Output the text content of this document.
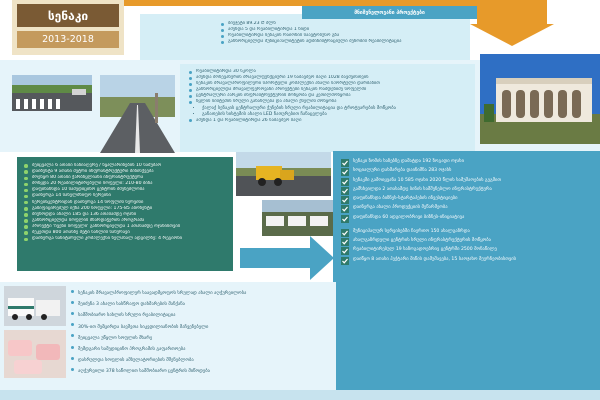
სენაკი
2013-2018
ბიუჯეტი 89.23 ₾ მლნ
აშენდა 5 და რეაბილიტირდა 1 ხიდი
რეაბილიტირდა სენაკის რაიონის საავტობუსო გზა
განხორციელდა მუნიციპალიტეტის ადმინისტრაციული შენობის რეაბილიტაცია
მნიშვნელოვანი პროექტები
რეაბილიტირდა 30 სკოლა
აშენდა მოხევანურის მრავალფუნქციური 19 საბავშვო ბაღი 1028 ბავშვისთვის
სენაკის მრავალპროფილური სპორტული კომპლექსი ახალი სპორტული დარბაზით
განხორციელდა მრავალფეროვანი პროექტები სენაკის რამდენიმე სოფელში
ცენტრალური პარკის ინფრასტრუქტურის მოწყობა და კეთილმოწყობა
წყლის სისტემის სრული განახლება და ახალი ქსელის მოწყობა
• ქალაქ სენაკის ცენტრალური ქუჩების სრული რეაბილიტაცია და ტროტუარების მოწყობა
• განათების სისტემის ახალი LED ნათურებით ჩანაცვლება
აშენდა 1 და რეაბილიტირდა 26 საბავშვო ბაღი
შეიცვალა 6 ათასი სანიაღვრე / წყალარინების 10 სამუშაო
დაიზუსტა 9 ათასი მეტრი ინფრასტრუქტური მიწისქვეშა
მოეწყო 80 ათასი ჭარბწყლიანი ინფრასტრუქტურა
მოწყდა 20 რეაბილიტირებული სოფელი: 210-80 ბინა
დაფინანსდა 10 სამედიცინო ცენტრის მშენებლობა
დაინერგა 14 სახელმწიფო სერვისი
სერვისცენტრიდან დაინერგა 14 სოფლის სერვისი
გაზიფიცირებულ იქნა 200 სოფელი: 175-85 აბონენტი
მიუწოდდა ახალი 185 და 136 ათასამდე ოჯახი
განხორციელდა სოფლის მხარდაჭერის პროგრამა
პროექტი 'ჩვენი სოფელი' განხორციელდა 1 ათასამდე ოჯახისთვის
შეკეთდა 800 ათასზე მეტი სახლის სახურავი
დაინერგა სანიტარული კომპლექსი ხელახალ ადგილზე: 4 რეგიონი
სენაკი ზომის ხაზებზე დამატდა 192 ზოგადი ოჯახი
სოციალური დახმარება დაინიშნა 283 ოჯახს
სენაკში გამოიყვანა 10 585 ოჯახი 2020 წლის სამუშაოების გეგმით
გამსხვილდა 2 ათასამდე ბინის სამშენებლო ინფრასტრუქტურა
დაფინანსდა ბიზნეს-სტარტაპების ინვესტიციები
დაინერგა ახალი პროდუქციის მეწარმეობა
დაფინანსდა 60 ადგილობრივი ბიზნეს-ინიციატივა
მუნიციპალურ სერვისებში ჩაერთო 150 ახალგაზრდა
ახალგაზრდული ცენტრის სრული ინფრასტრუქტურის მოწყობა
რეაბილიტირებულ 19 საზოგადოებრივ ცენტრში 2500 მონაწილე
დაიწყო 8 ათასი ჰექტარი მიწის დამუშავება, 15 საოჯახო მეურნეობისთვის
სენაკის მრავალპროფილურ საავადმყოფოს სრულად ახალი აღჭურვილობა
შეიძენა 3 ახალი სასწრაფო დახმარების მანქანა
სამშობიარო სახლის სრული რეაბილიტაცია
30%-ით შემცირდა ბავშვთა სიკვდილიანობის მაჩვენებელი
შეიცვალა უწყლო სოფლის მხარე
შემდგარი სამედიცინო პროგრამის გაფართოება
დასრულდა სოფლის ამბულატორიების მშენებლობა
აღჭურვილი 378 საწოლით სამშობიარო ცენტრის მიწოდება
